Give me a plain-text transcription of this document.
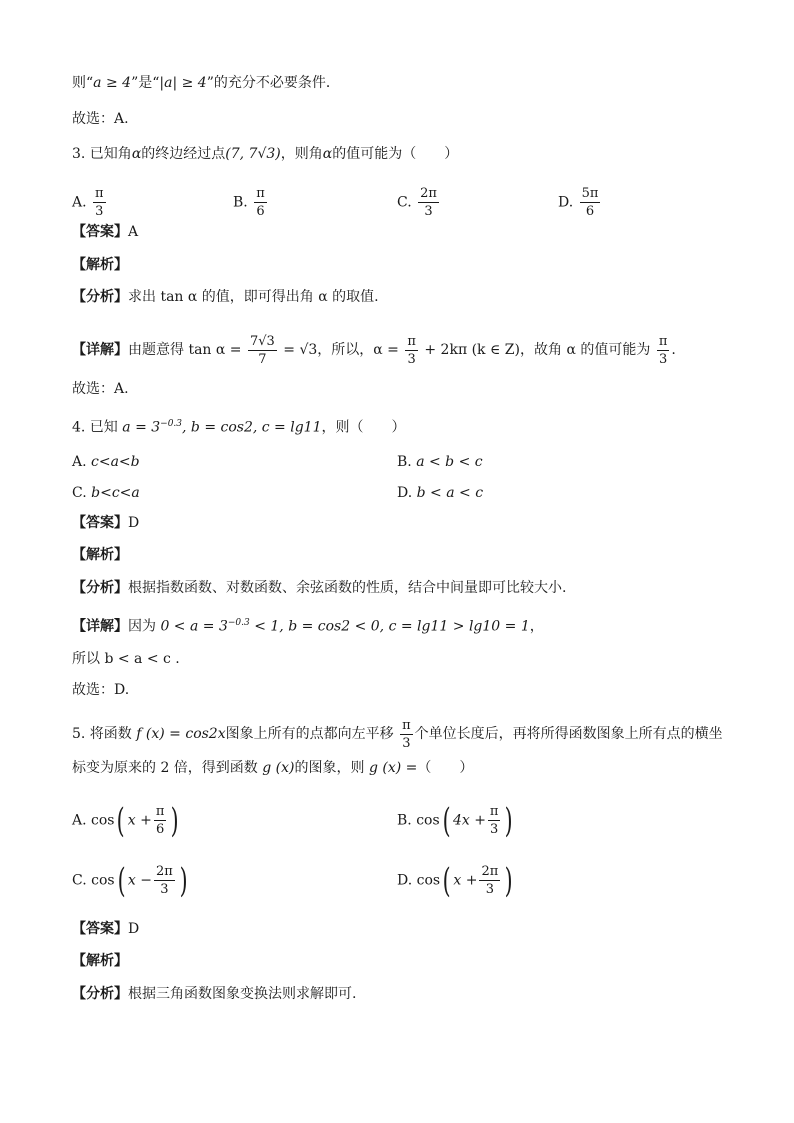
则“a ≥ 4”是“|a| ≥ 4”的充分不必要条件．
故选：A.
3. 已知角α的终边经过点(7, 7√3)，则角α的值可能为（　　）
A. $\frac{\pi}{3}$	B. $\frac{\pi}{6}$	C. $\frac{2\pi}{3}$	D. $\frac{5\pi}{6}$
【答案】A
【解析】
【分析】求出 tan α 的值，即可得出角 α 的取值.
【详解】由题意得 $\tan \alpha = \frac{7√3}{7} = √3$，所以，$\alpha = \frac{\pi}{3} + 2k\pi$ (k ∈ Z)，故角 α 的值可能为 $\frac{\pi}{3}$ .
故选：A.
4. 已知 $a = 3^{-0.3}$, b = cos2, c = lg11，则（　　）
A. c<a<b	B. a < b < c
C. b<c<a	D. b < a < c
【答案】D
【解析】
【分析】根据指数函数、对数函数、余弦函数的性质，结合中间量即可比较大小.
【详解】因为 $0 < a = 3^{-0.3} < 1$, b = cos2 < 0, c = lg11 > lg10 = 1，
所以 b < a < c .
故选：D.
5. 将函数 f (x) = cos2x图象上所有的点都向左平移 $\frac{\pi}{3}$ 个单位长度后，再将所得函数图象上所有点的横坐
标变为原来的 2 倍，得到函数 g (x)的图象，则 g (x) =（　　）
A. cos( $x + \frac{\pi}{6}$ )	B. cos( $4x + \frac{\pi}{3}$ )
C. cos( $x - \frac{2\pi}{3}$ )	D. cos( $x + \frac{2\pi}{3}$ )
【答案】D
【解析】
【分析】根据三角函数图象变换法则求解即可.
